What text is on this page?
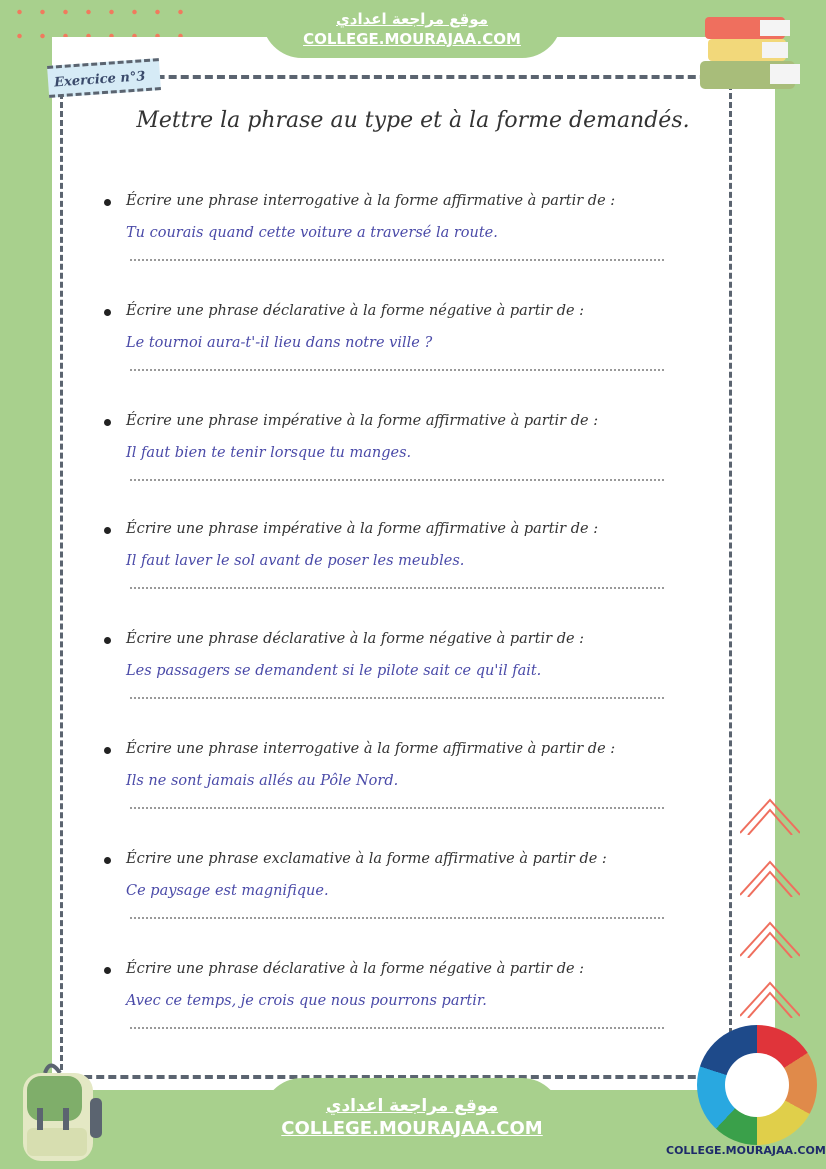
موقع مراجعة اعدادي
COLLEGE.MOURAJAA.COM
Exercice n°3
Mettre la phrase au type et à la forme demandés.
Écrire une phrase interrogative à la forme affirmative à partir de :
Tu courais quand cette voiture a traversé la route.
Écrire une phrase déclarative à la forme négative à partir de :
Le tournoi aura-t'-il lieu dans notre ville ?
Écrire une phrase impérative à la forme affirmative à partir de :
Il faut bien te tenir lorsque tu manges.
Écrire une phrase impérative à la forme affirmative à partir de :
Il faut laver le sol avant de poser les meubles.
Écrire une phrase déclarative à la forme négative à partir de :
Les passagers se demandent si le pilote sait ce qu'il fait.
Écrire une phrase interrogative à la forme affirmative à partir de :
Ils ne sont jamais allés au Pôle Nord.
Écrire une phrase exclamative à la forme affirmative à partir de :
Ce paysage est magnifique.
Écrire une phrase déclarative à la forme négative à partir de :
Avec ce temps, je crois que nous pourrons partir.
موقع مراجعة اعدادي
COLLEGE.MOURAJAA.COM
COLLEGE.MOURAJAA.COM
